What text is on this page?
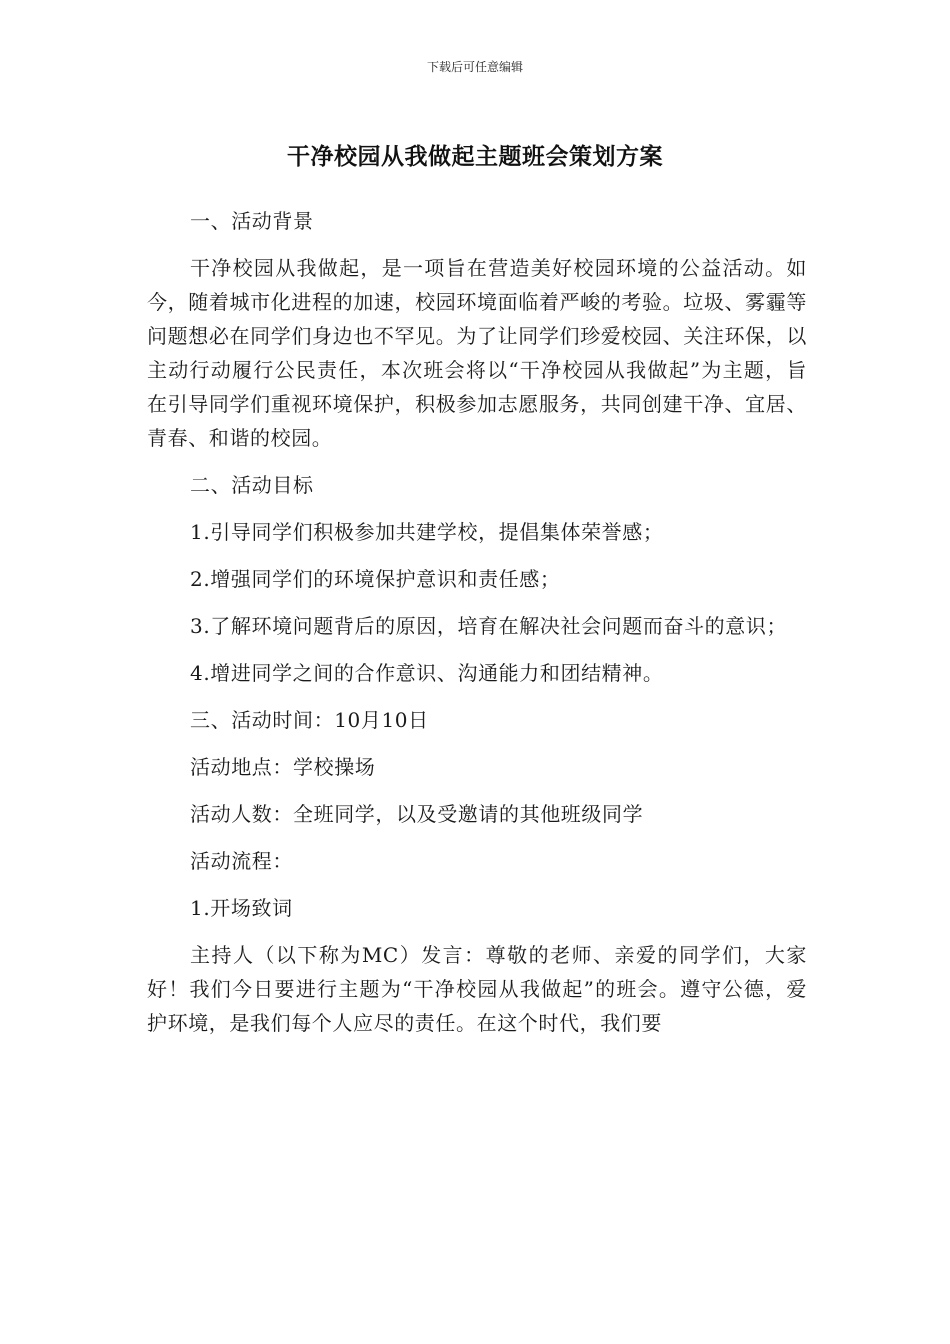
下载后可任意编辑
干净校园从我做起主题班会策划方案

一、活动背景

干净校园从我做起，是一项旨在营造美好校园环境的公益活动。如今，随着城市化进程的加速，校园环境面临着严峻的考验。垃圾、雾霾等问题想必在同学们身边也不罕见。为了让同学们珍爱校园、关注环保，以主动行动履行公民责任，本次班会将以“干净校园从我做起”为主题，旨在引导同学们重视环境保护，积极参加志愿服务，共同创建干净、宜居、青春、和谐的校园。

二、活动目标

1.引导同学们积极参加共建学校，提倡集体荣誉感；

2.增强同学们的环境保护意识和责任感；

3.了解环境问题背后的原因，培育在解决社会问题而奋斗的意识；

4.增进同学之间的合作意识、沟通能力和团结精神。

三、活动时间：10月10日

活动地点：学校操场

活动人数：全班同学，以及受邀请的其他班级同学

活动流程：

1.开场致词

主持人（以下称为MC）发言：尊敬的老师、亲爱的同学们，大家好！我们今日要进行主题为“干净校园从我做起”的班会。遵守公德，爱护环境，是我们每个人应尽的责任。在这个时代，我们要
